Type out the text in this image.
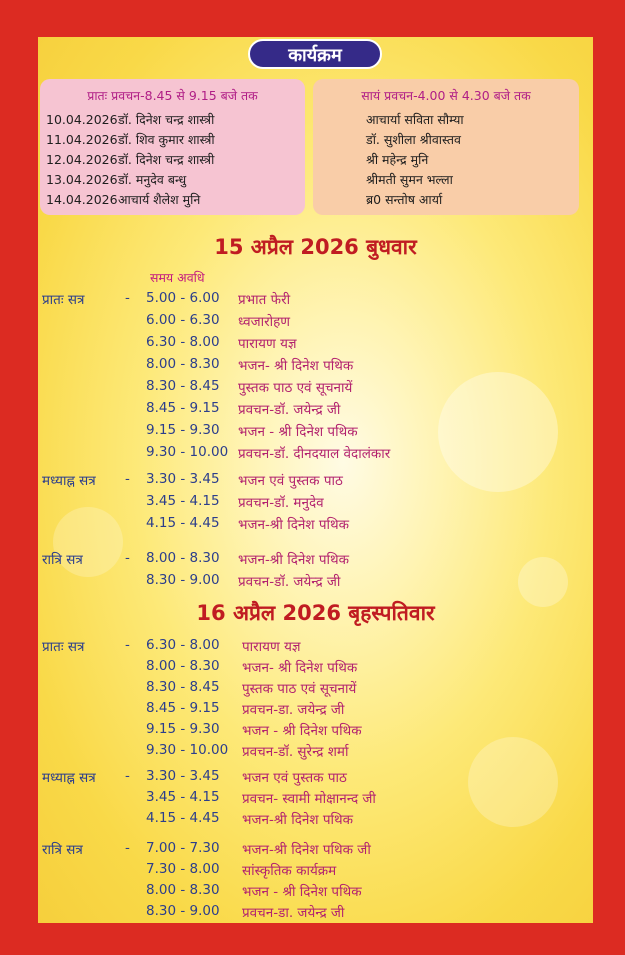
कार्यक्रम
प्रातः प्रवचन-8.45 से 9.15 बजे तक
10.04.2026डॉ. दिनेश चन्द्र शास्त्री
11.04.2026डॉ. शिव कुमार शास्त्री
12.04.2026डॉ. दिनेश चन्द्र शास्त्री
13.04.2026डॉ. मनुदेव बन्धु
14.04.2026आचार्य शैलेश मुनि
सायं प्रवचन-4.00 से 4.30 बजे तक
आचार्या सविता सौम्या
डॉ. सुशीला श्रीवास्तव
श्री महेन्द्र मुनि
श्रीमती सुमन भल्ला
ब्र0 सन्तोष आर्या
15 अप्रैल 2026 बुधवार
समय अवधि
प्रातः सत्र	- 5.00 - 6.00 प्रभात फेरी
6.00 - 6.30 ध्वजारोहण
6.30 - 8.00 पारायण यज्ञ
8.00 - 8.30 भजन- श्री दिनेश पथिक
8.30 - 8.45 पुस्तक पाठ एवं सूचनायें
8.45 - 9.15 प्रवचन-डॉ. जयेन्द्र जी
9.15 - 9.30 भजन - श्री दिनेश पथिक
9.30 - 10.00 प्रवचन-डॉ. दीनदयाल वेदालंकार
मध्याह्न सत्र - 3.30 - 3.45 भजन एवं पुस्तक पाठ
3.45 - 4.15 प्रवचन-डॉ. मनुदेव
4.15 - 4.45 भजन-श्री दिनेश पथिक
रात्रि सत्र	- 8.00 - 8.30 भजन-श्री दिनेश पथिक
8.30 - 9.00 प्रवचन-डॉ. जयेन्द्र जी
16 अप्रैल 2026 बृहस्पतिवार
प्रातः सत्र	- 6.30 - 8.00 पारायण यज्ञ
8.00 - 8.30 भजन- श्री दिनेश पथिक
8.30 - 8.45 पुस्तक पाठ एवं सूचनायें
8.45 - 9.15 प्रवचन-डा. जयेन्द्र जी
9.15 - 9.30 भजन - श्री दिनेश पथिक
9.30 - 10.00 प्रवचन-डॉ. सुरेन्द्र शर्मा
मध्याह्न सत्र - 3.30 - 3.45 भजन एवं पुस्तक पाठ
3.45 - 4.15 प्रवचन- स्वामी मोक्षानन्द जी
4.15 - 4.45 भजन-श्री दिनेश पथिक
रात्रि सत्र	- 7.00 - 7.30 भजन-श्री दिनेश पथिक जी
7.30 - 8.00 सांस्कृतिक कार्यक्रम
8.00 - 8.30 भजन - श्री दिनेश पथिक
8.30 - 9.00 प्रवचन-डा. जयेन्द्र जी
